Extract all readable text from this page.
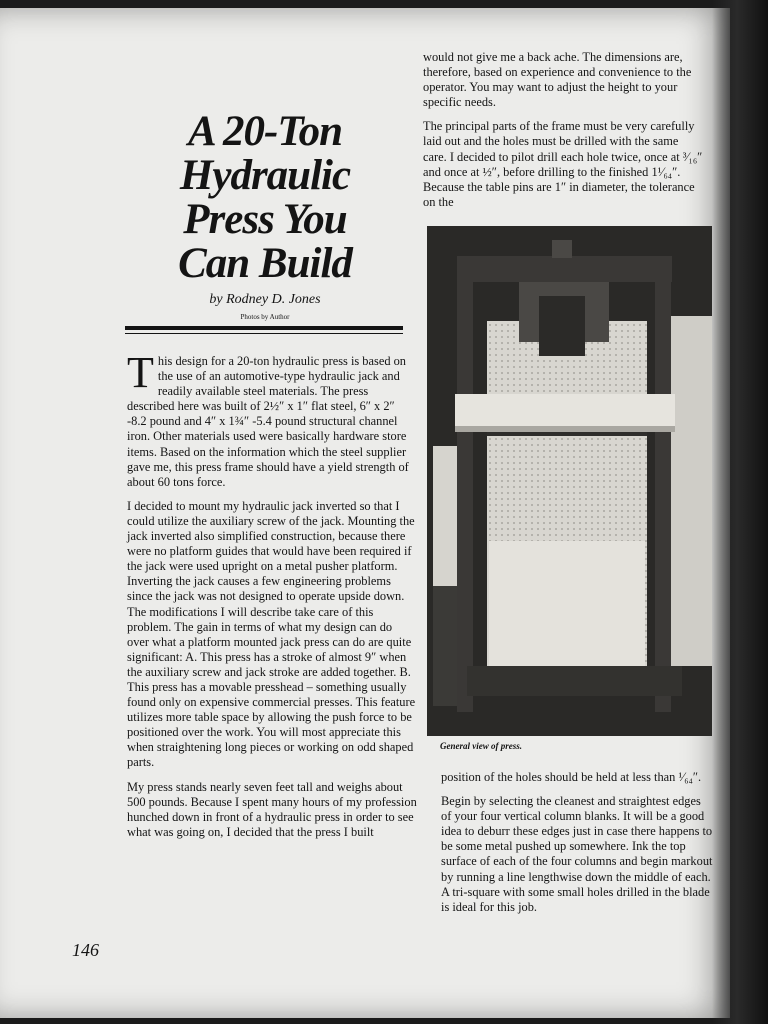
A 20-Ton
Hydraulic
Press You
Can Build
by Rodney D. Jones
Photos by Author

This design for a 20-ton hydraulic press is based on the use of an automotive-type hydraulic jack and readily available steel materials. The press described here was built of 2½″ x 1″ flat steel, 6″ x 2″ -8.2 pound and 4″ x 1¾″ -5.4 pound structural channel iron. Other materials used were basically hardware store items. Based on the information which the steel supplier gave me, this press frame should have a yield strength of about 60 tons force.

I decided to mount my hydraulic jack inverted so that I could utilize the auxiliary screw of the jack. Mounting the jack inverted also simplified construction, because there were no platform guides that would have been required if the jack were used upright on a metal pusher platform. Inverting the jack causes a few engineering problems since the jack was not designed to operate upside down. The modifications I will describe take care of this problem. The gain in terms of what my design can do over what a platform mounted jack press can do are quite significant: A. This press has a stroke of almost 9″ when the auxiliary screw and jack stroke are added together. B. This press has a movable presshead – something usually found only on expensive commercial presses. This feature utilizes more table space by allowing the push force to be positioned over the work. You will most appreciate this when straightening long pieces or working on odd shaped parts.

My press stands nearly seven feet tall and weighs about 500 pounds. Because I spent many hours of my profession hunched down in front of a hydraulic press in order to see what was going on, I decided that the press I built

would not give me a back ache. The dimensions are, therefore, based on experience and convenience to the operator. You may want to adjust the height to your specific needs.

The principal parts of the frame must be very carefully laid out and the holes must be drilled with the same care. I decided to pilot drill each hole twice, once at ³⁄₁₆″ and once at ½″, before drilling to the finished 1¹⁄₆₄″. Because the table pins are 1″ in diameter, the tolerance on the

General view of press.

position of the holes should be held at less than ¹⁄₆₄″.

Begin by selecting the cleanest and straightest edges of your four vertical column blanks. It will be a good idea to deburr these edges just in case there happens to be some metal pushed up somewhere. Ink the top surface of each of the four columns and begin markout by running a line lengthwise down the middle of each. A tri-square with some small holes drilled in the blade is ideal for this job.

146
